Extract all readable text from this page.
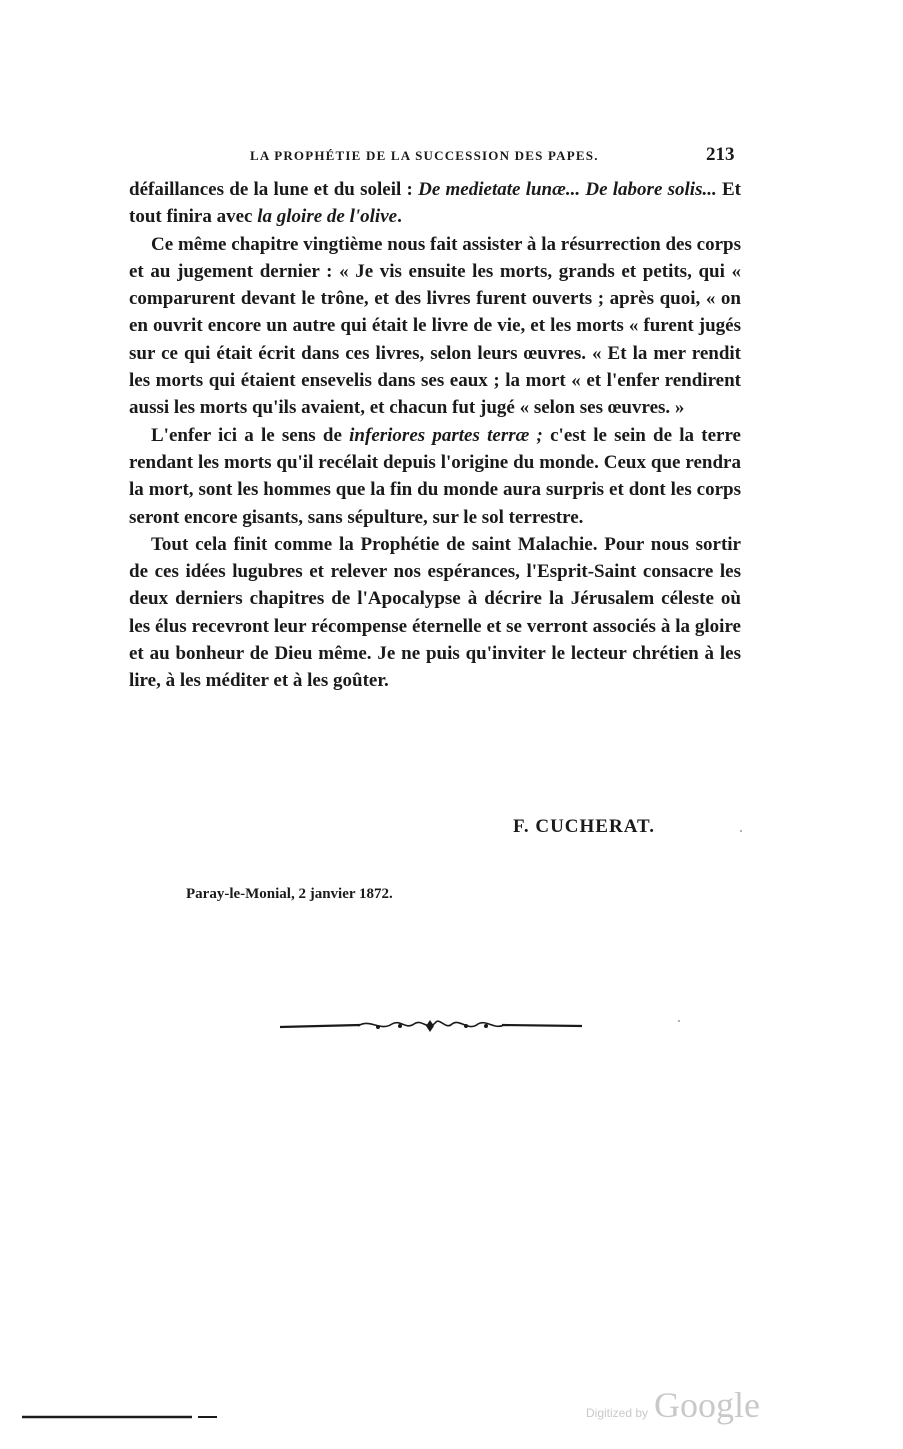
LA PROPHÉTIE DE LA SUCCESSION DES PAPES.	213

défaillances de la lune et du soleil : De medietate lunæ... De labore solis... Et tout finira avec la gloire de l'olive.

Ce même chapitre vingtième nous fait assister à la résurrection des corps et au jugement dernier : « Je vis ensuite les morts, grands et petits, qui « comparurent devant le trône, et des livres furent ouverts ; après quoi, « on en ouvrit encore un autre qui était le livre de vie, et les morts « furent jugés sur ce qui était écrit dans ces livres, selon leurs œuvres. « Et la mer rendit les morts qui étaient ensevelis dans ses eaux ; la mort « et l'enfer rendirent aussi les morts qu'ils avaient, et chacun fut jugé « selon ses œuvres. »

L'enfer ici a le sens de inferiores partes terræ ; c'est le sein de la terre rendant les morts qu'il recélait depuis l'origine du monde. Ceux que rendra la mort, sont les hommes que la fin du monde aura surpris et dont les corps seront encore gisants, sans sépulture, sur le sol terrestre.

Tout cela finit comme la Prophétie de saint Malachie. Pour nous sortir de ces idées lugubres et relever nos espérances, l'Esprit-Saint consacre les deux derniers chapitres de l'Apocalypse à décrire la Jérusalem céleste où les élus recevront leur récompense éternelle et se verront associés à la gloire et au bonheur de Dieu même. Je ne puis qu'inviter le lecteur chrétien à les lire, à les méditer et à les goûter.

F. CUCHERAT.
Paray-le-Monial, 2 janvier 1872.
Digitized by Google
